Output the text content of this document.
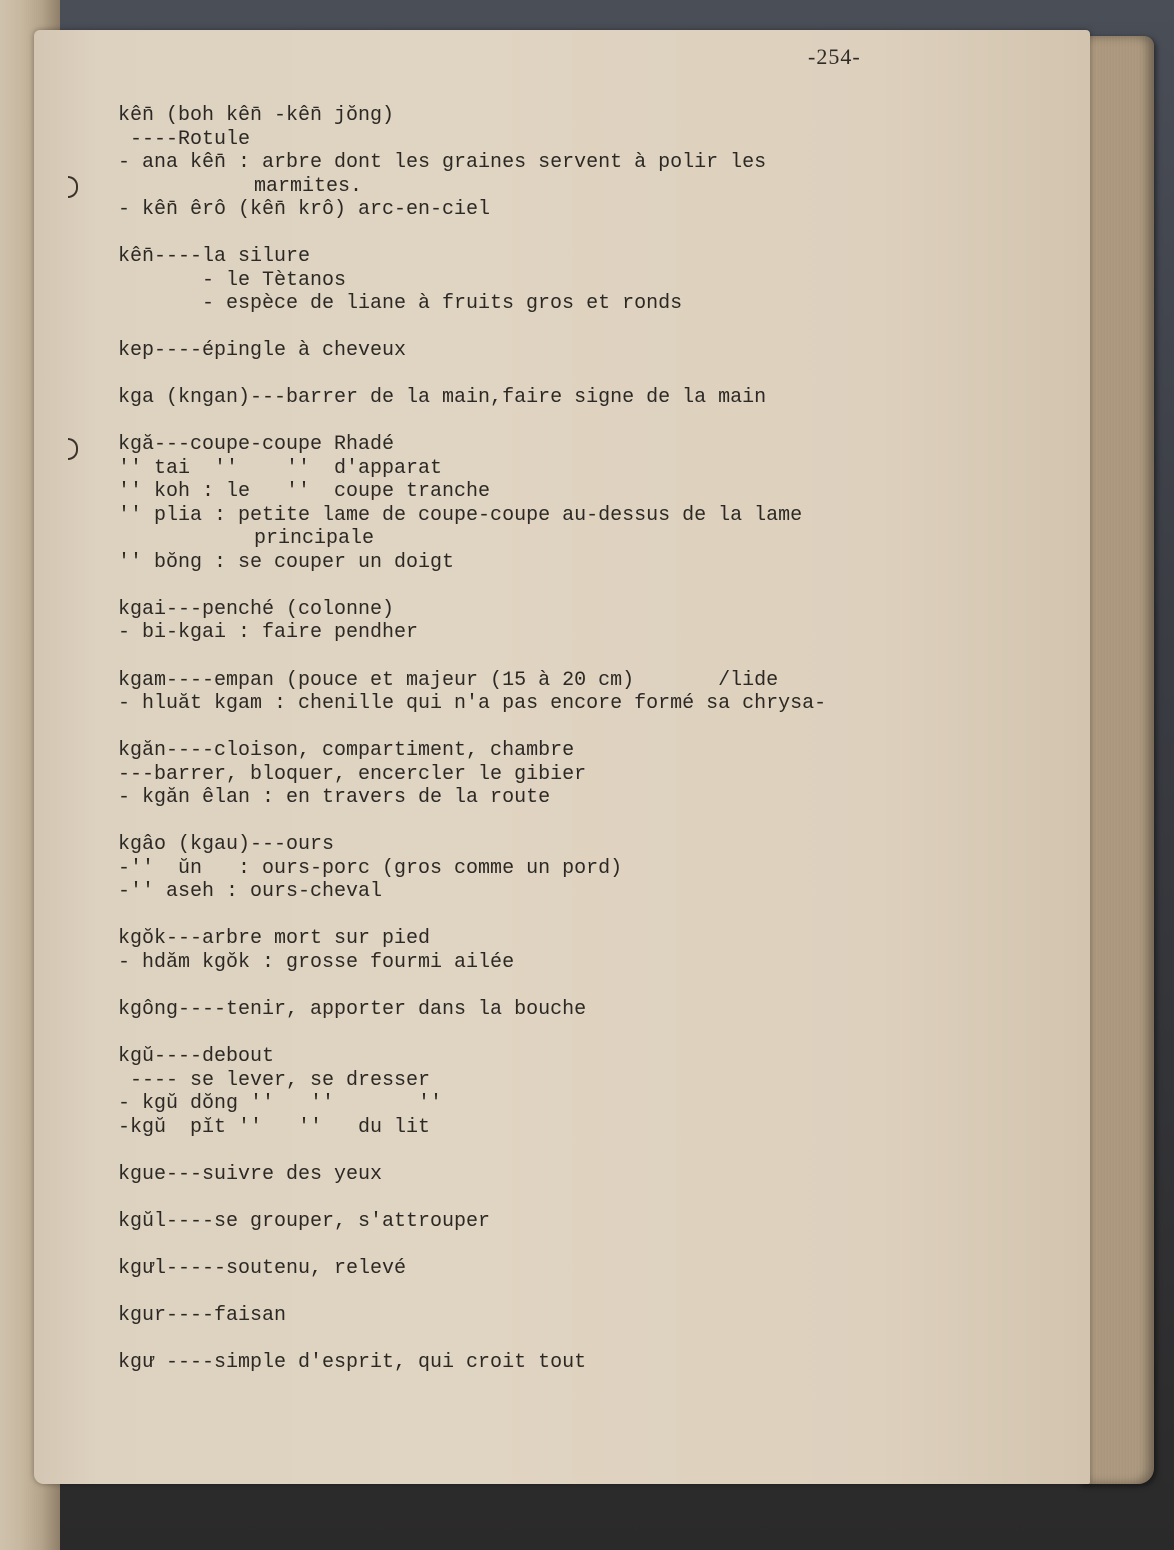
-254-
kên̄ (boh kên̄ -kên̄ jŏng)
----Rotule
- ana kên̄ : arbre dont les graines servent à polir les
marmites.
- kên̄ êrô (kên̄ krô) arc-en-ciel
kên̄----la silure
- le Tètanos
- espèce de liane à fruits gros et ronds
kep----épingle à cheveux
kga (kngan)---barrer de la main,faire signe de la main
kgă---coupe-coupe Rhadé
'' tai  ''    ''  d'apparat
'' koh : le   ''  coupe tranche
'' plia : petite lame de coupe-coupe au-dessus de la lame
principale
'' bŏng : se couper un doigt
kgai---penché (colonne)
- bi-kgai : faire pendher
kgam----empan (pouce et majeur (15 à 20 cm)       /lide
- hluăt kgam : chenille qui n'a pas encore formé sa chrysa-
kgăn----cloison, compartiment, chambre
---barrer, bloquer, encercler le gibier
- kgăn êlan : en travers de la route
kgâo (kgau)---ours
-''  ŭn   : ours-porc (gros comme un pord)
-'' aseh : ours-cheval
kgŏk---arbre mort sur pied
- hdăm kgŏk : grosse fourmi ailée
kgông----tenir, apporter dans la bouche
kgŭ----debout
---- se lever, se dresser
- kgŭ dŏng ''   ''       ''
-kgŭ  pĭt ''   ''   du lit
kgue---suivre des yeux
kgŭl----se grouper, s'attrouper
kgưl-----soutenu, relevé
kgur----faisan
kgư ----simple d'esprit, qui croit tout
